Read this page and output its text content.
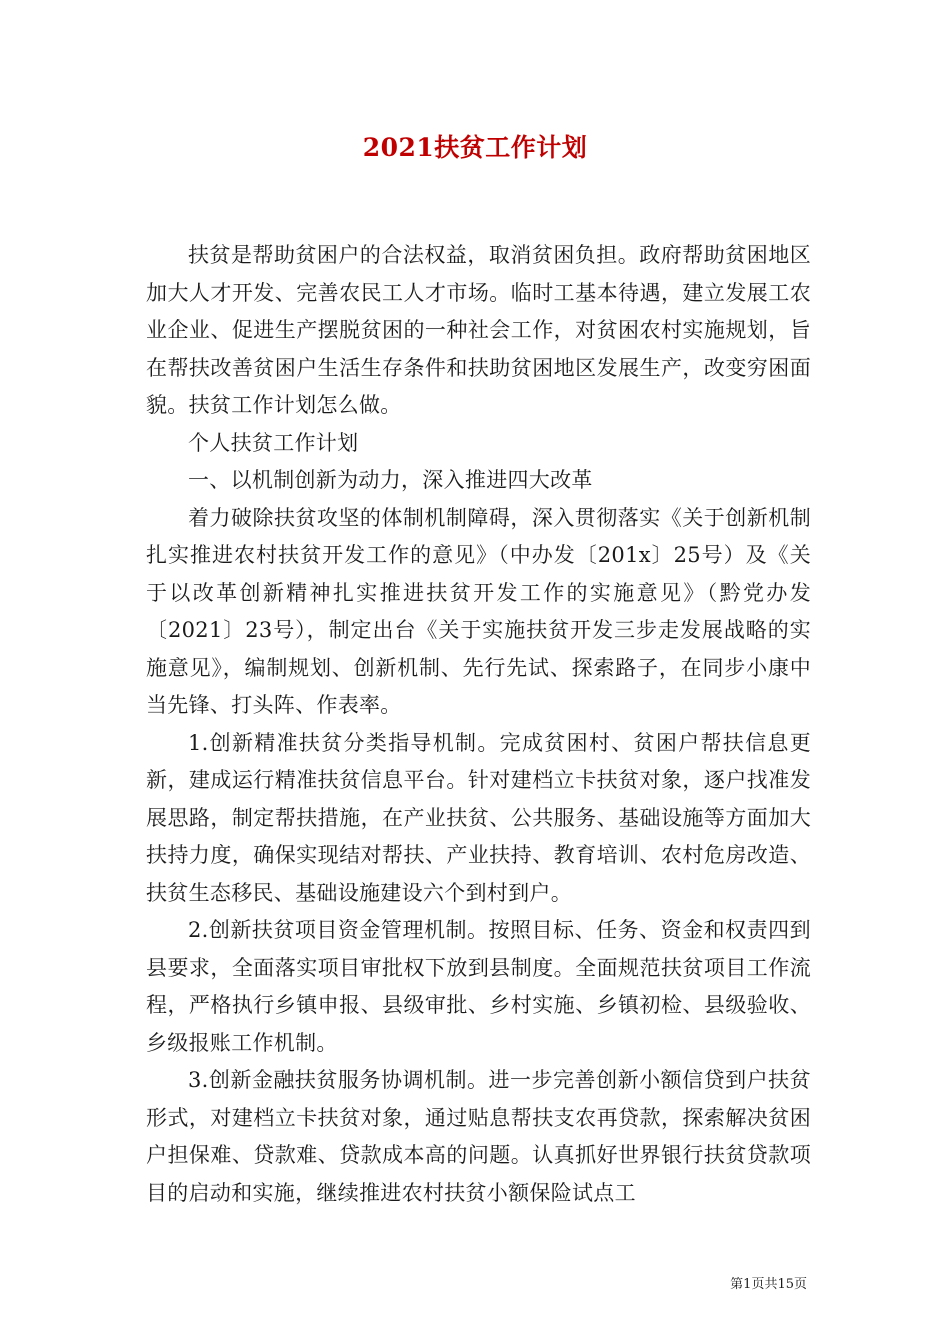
2021扶贫工作计划

扶贫是帮助贫困户的合法权益，取消贫困负担。政府帮助贫困地区加大人才开发、完善农民工人才市场。临时工基本待遇，建立发展工农业企业、促进生产摆脱贫困的一种社会工作，对贫困农村实施规划，旨在帮扶改善贫困户生活生存条件和扶助贫困地区发展生产，改变穷困面貌。扶贫工作计划怎么做。

个人扶贫工作计划

一、以机制创新为动力，深入推进四大改革

着力破除扶贫攻坚的体制机制障碍，深入贯彻落实《关于创新机制扎实推进农村扶贫开发工作的意见》（中办发〔201x〕25号）及《关于以改革创新精神扎实推进扶贫开发工作的实施意见》（黔党办发〔2021〕23号），制定出台《关于实施扶贫开发三步走发展战略的实施意见》，编制规划、创新机制、先行先试、探索路子，在同步小康中当先锋、打头阵、作表率。

1.创新精准扶贫分类指导机制。完成贫困村、贫困户帮扶信息更新，建成运行精准扶贫信息平台。针对建档立卡扶贫对象，逐户找准发展思路，制定帮扶措施，在产业扶贫、公共服务、基础设施等方面加大扶持力度，确保实现结对帮扶、产业扶持、教育培训、农村危房改造、扶贫生态移民、基础设施建设六个到村到户。

2.创新扶贫项目资金管理机制。按照目标、任务、资金和权责四到县要求，全面落实项目审批权下放到县制度。全面规范扶贫项目工作流程，严格执行乡镇申报、县级审批、乡村实施、乡镇初检、县级验收、乡级报账工作机制。

3.创新金融扶贫服务协调机制。进一步完善创新小额信贷到户扶贫形式，对建档立卡扶贫对象，通过贴息帮扶支农再贷款，探索解决贫困户担保难、贷款难、贷款成本高的问题。认真抓好世界银行扶贫贷款项目的启动和实施，继续推进农村扶贫小额保险试点工

第1页共15页
